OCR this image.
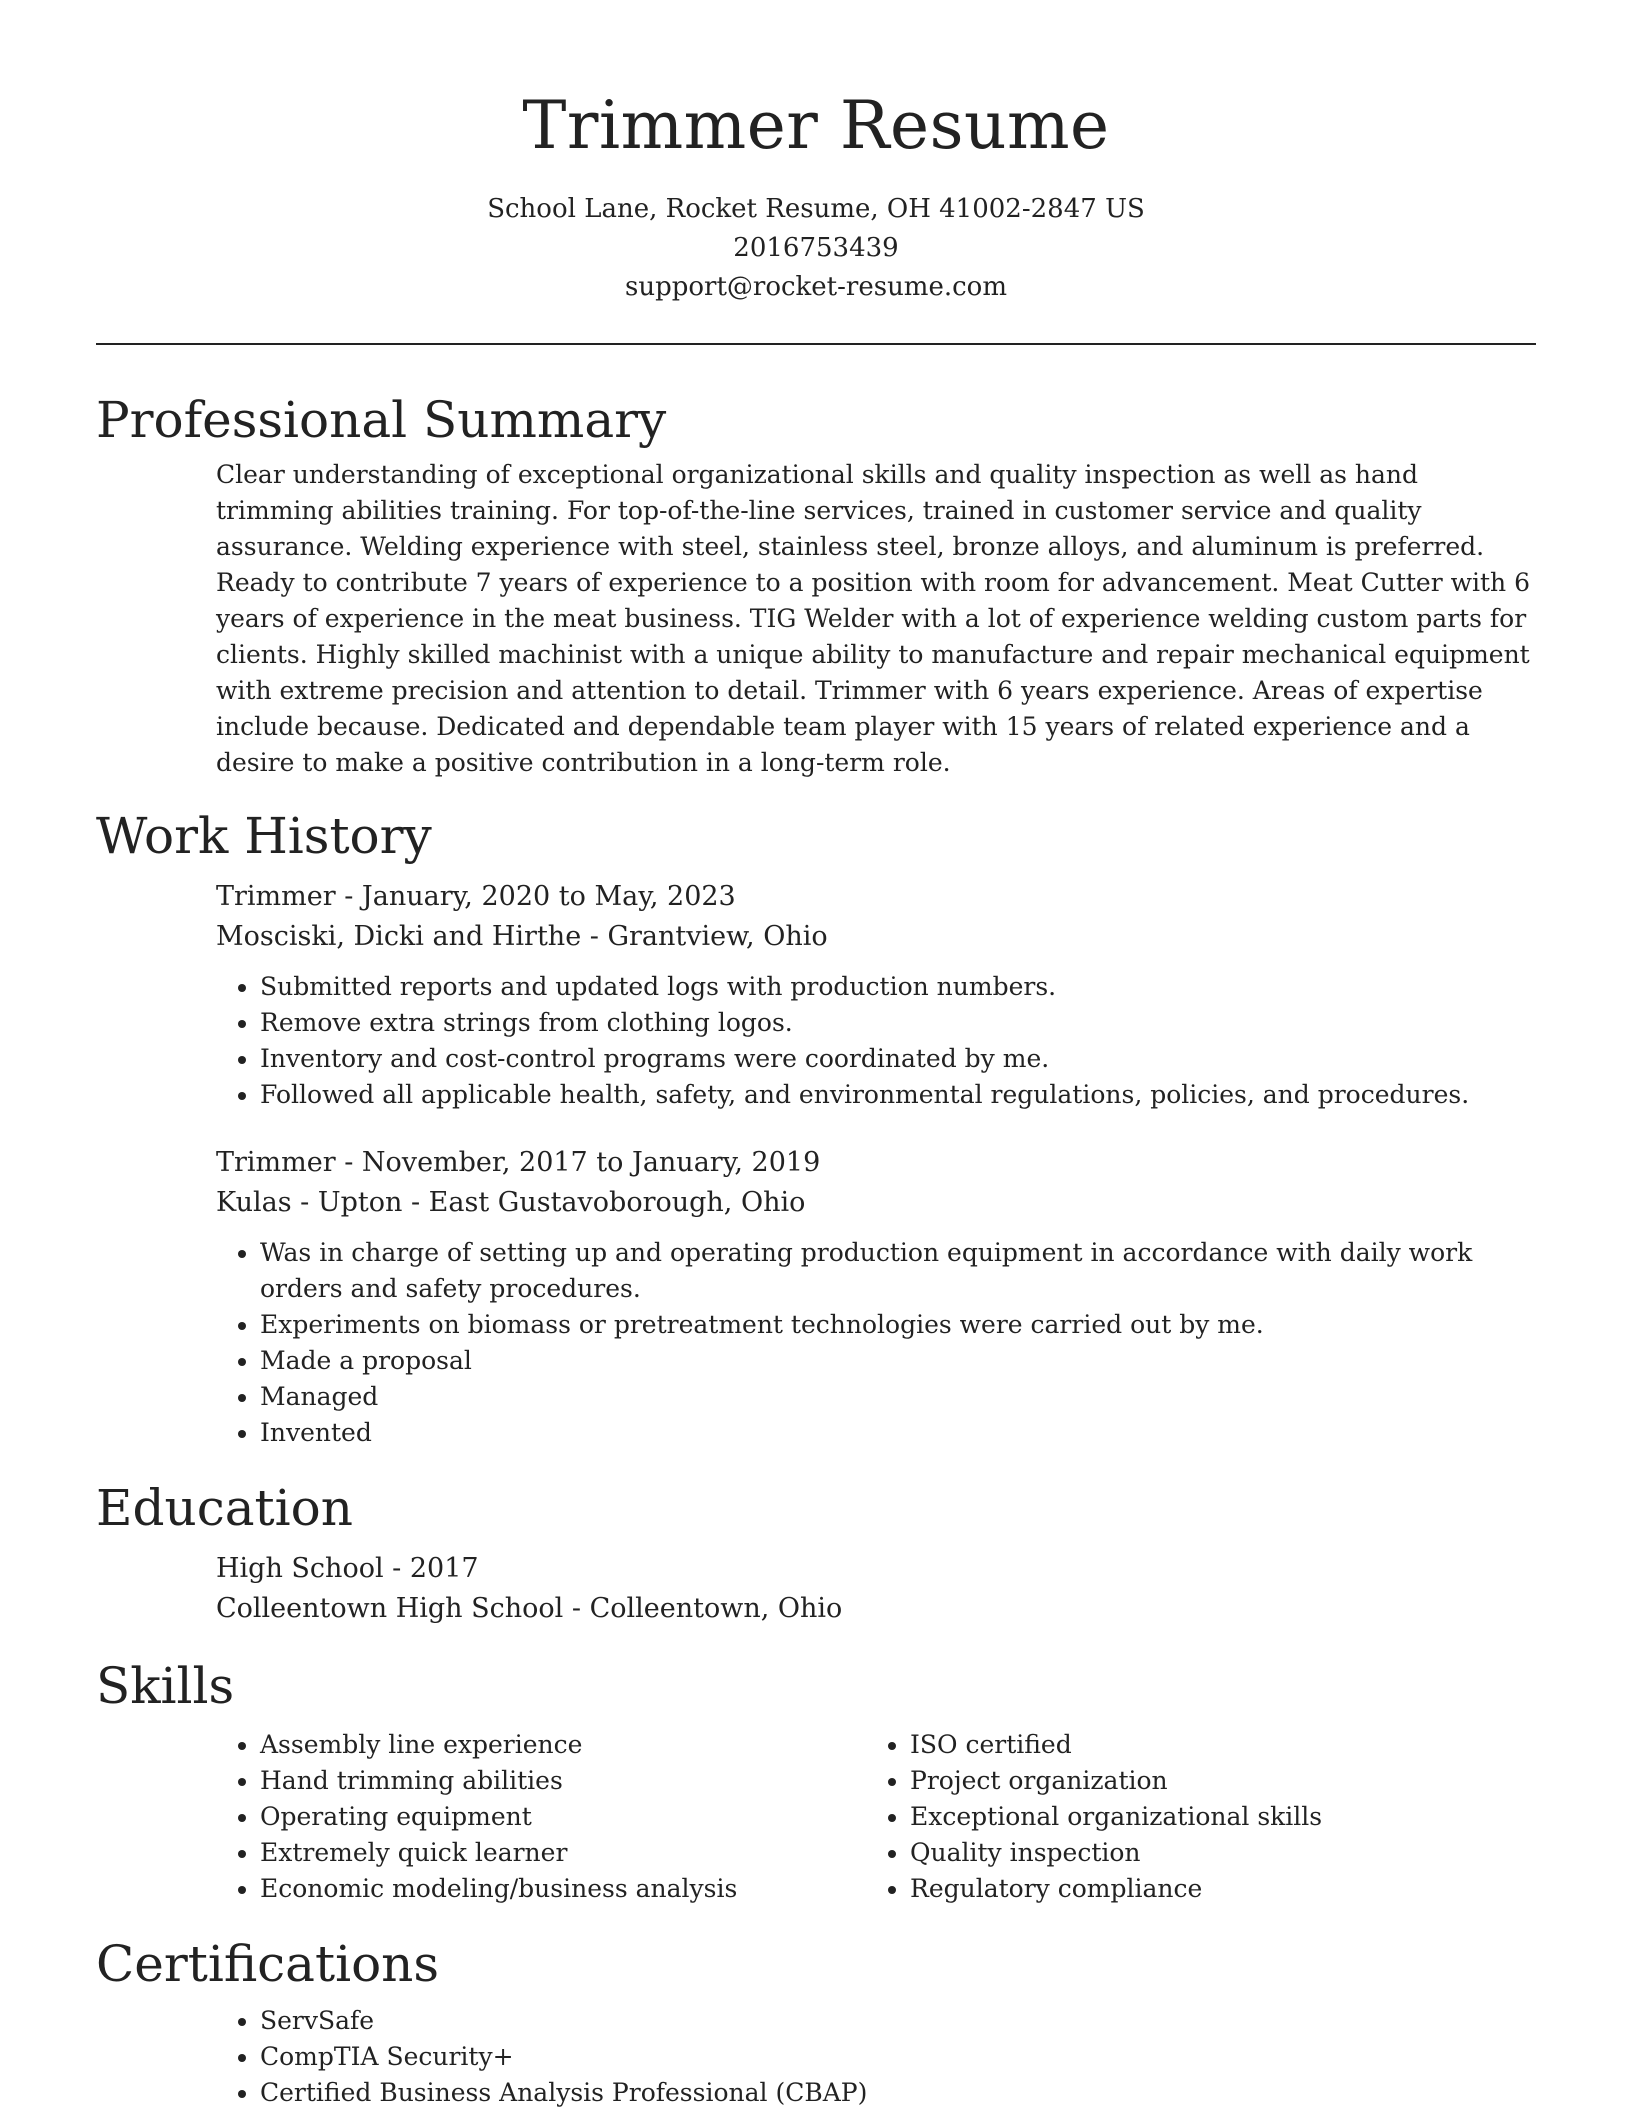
Trimmer Resume
School Lane, Rocket Resume, OH 41002-2847 US
2016753439
support@rocket-resume.com
Professional Summary

Clear understanding of exceptional organizational skills and quality inspection as well as hand trimming abilities training. For top-of-the-line services, trained in customer service and quality assurance. Welding experience with steel, stainless steel, bronze alloys, and aluminum is preferred. Ready to contribute 7 years of experience to a position with room for advancement. Meat Cutter with 6 years of experience in the meat business. TIG Welder with a lot of experience welding custom parts for clients. Highly skilled machinist with a unique ability to manufacture and repair mechanical equipment with extreme precision and attention to detail. Trimmer with 6 years experience. Areas of expertise include because. Dedicated and dependable team player with 15 years of related experience and a desire to make a positive contribution in a long-term role.

Work History
Trimmer - January, 2020 to May, 2023
Mosciski, Dicki and Hirthe - Grantview, Ohio
• Submitted reports and updated logs with production numbers.
• Remove extra strings from clothing logos.
• Inventory and cost-control programs were coordinated by me.
• Followed all applicable health, safety, and environmental regulations, policies, and procedures.
Trimmer - November, 2017 to January, 2019
Kulas - Upton - East Gustavoborough, Ohio
• Was in charge of setting up and operating production equipment in accordance with daily work orders and safety procedures.
• Experiments on biomass or pretreatment technologies were carried out by me.
• Made a proposal
• Managed
• Invented
Education
High School - 2017
Colleentown High School - Colleentown, Ohio
Skills
• Assembly line experience
• Hand trimming abilities
• Operating equipment
• Extremely quick learner
• Economic modeling/business analysis
• ISO certified
• Project organization
• Exceptional organizational skills
• Quality inspection
• Regulatory compliance
Certifications
• ServSafe
• CompTIA Security+
• Certified Business Analysis Professional (CBAP)
